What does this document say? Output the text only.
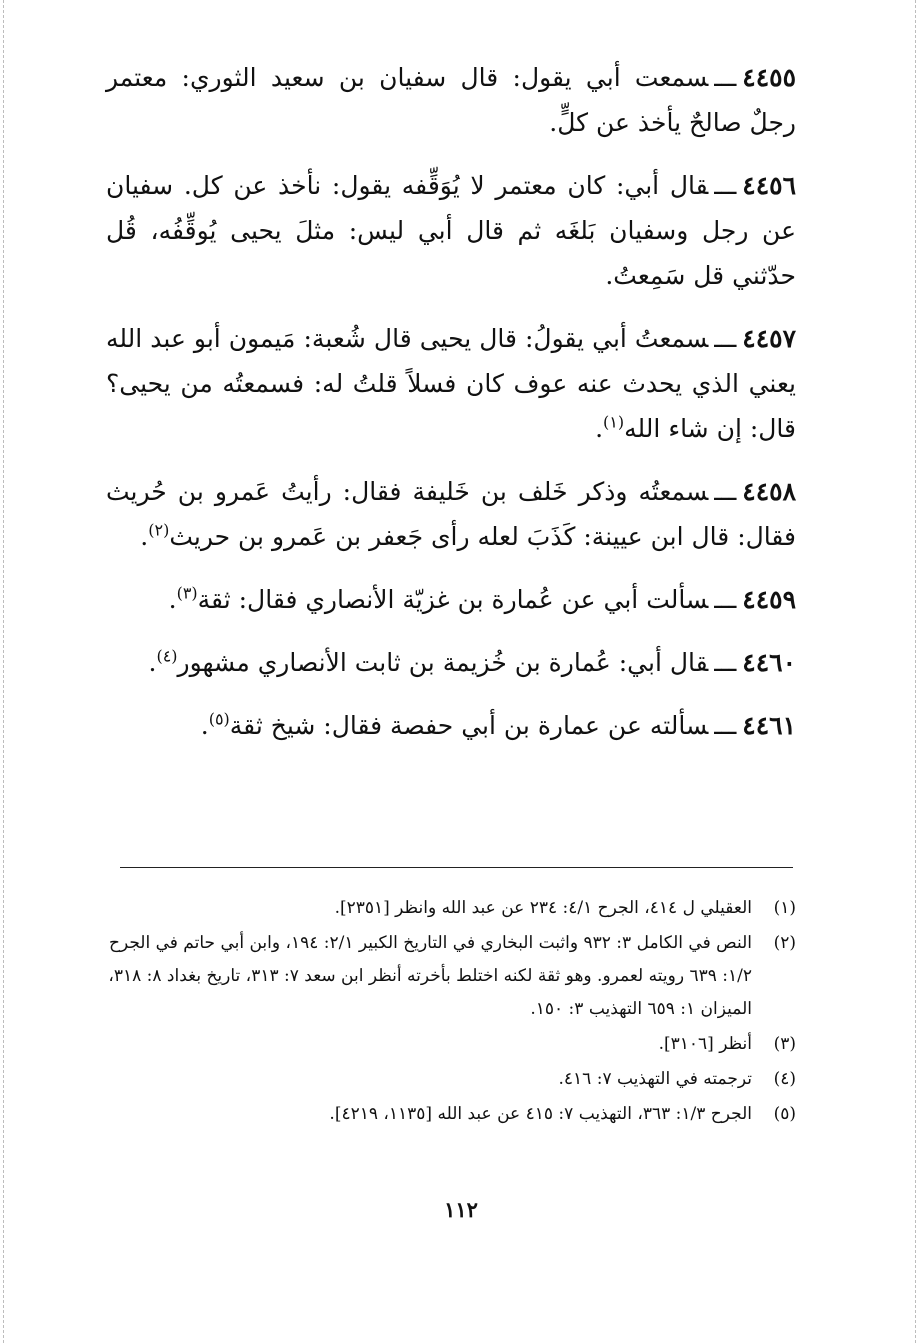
٤٤٥٥ـــسمعت أبي يقول: قال سفيان بن سعيد الثوري: معتمر رجلٌ صالحٌ يأخذ عن كلٍّ.

٤٤٥٦ـــقال أبي: كان معتمر لا يُوَقِّفه يقول: نأخذ عن كل. سفيان عن رجل وسفيان بَلغَه ثم قال أبي ليس: مثلَ يحيى يُوقِّفُه، قُل حدّثني قل سَمِعتُ.

٤٤٥٧ـــسمعتُ أبي يقولُ: قال يحيى قال شُعبة: مَيمون أبو عبد الله يعني الذي يحدث عنه عوف كان فسلاً قلتُ له: فسمعتُه من يحيى؟ قال: إن شاء الله$^{(١)}$.

٤٤٥٨ـــسمعتُه وذكر خَلف بن خَليفة فقال: رأيتُ عَمرو بن حُريث فقال: قال ابن عيينة: كَذَبَ لعله رأى جَعفر بن عَمرو بن حريث$^{(٢)}$.

٤٤٥٩ـــسألت أبي عن عُمارة بن غزيّة الأنصاري فقال: ثقة$^{(٣)}$.

٤٤٦٠ـــقال أبي: عُمارة بن خُزيمة بن ثابت الأنصاري مشهور$^{(٤)}$.

٤٤٦١ـــسألته عن عمارة بن أبي حفصة فقال: شيخ ثقة$^{(٥)}$.

(١)
العقيلي ل ٤١٤، الجرح ٤/١: ٢٣٤ عن عبد الله وانظر [٢٣٥١].
(٢)
النص في الكامل ٣: ٩٣٢ واثبت البخاري في التاريخ الكبير ٢/١: ١٩٤، وابن أبي حاتم في الجرح ١/٢: ٦٣٩ رويته لعمرو. وهو ثقة لكنه اختلط بأخرته أنظر ابن سعد ٧: ٣١٣، تاريخ بغداد ٨: ٣١٨، الميزان ١: ٦٥٩ التهذيب ٣: ١٥٠.
(٣)
أنظر [٣١٠٦].
(٤)
ترجمته في التهذيب ٧: ٤١٦.
(٥)
الجرح ١/٣: ٣٦٣، التهذيب ٧: ٤١٥ عن عبد الله [١١٣٥، ٤٢١٩].
١١٢
